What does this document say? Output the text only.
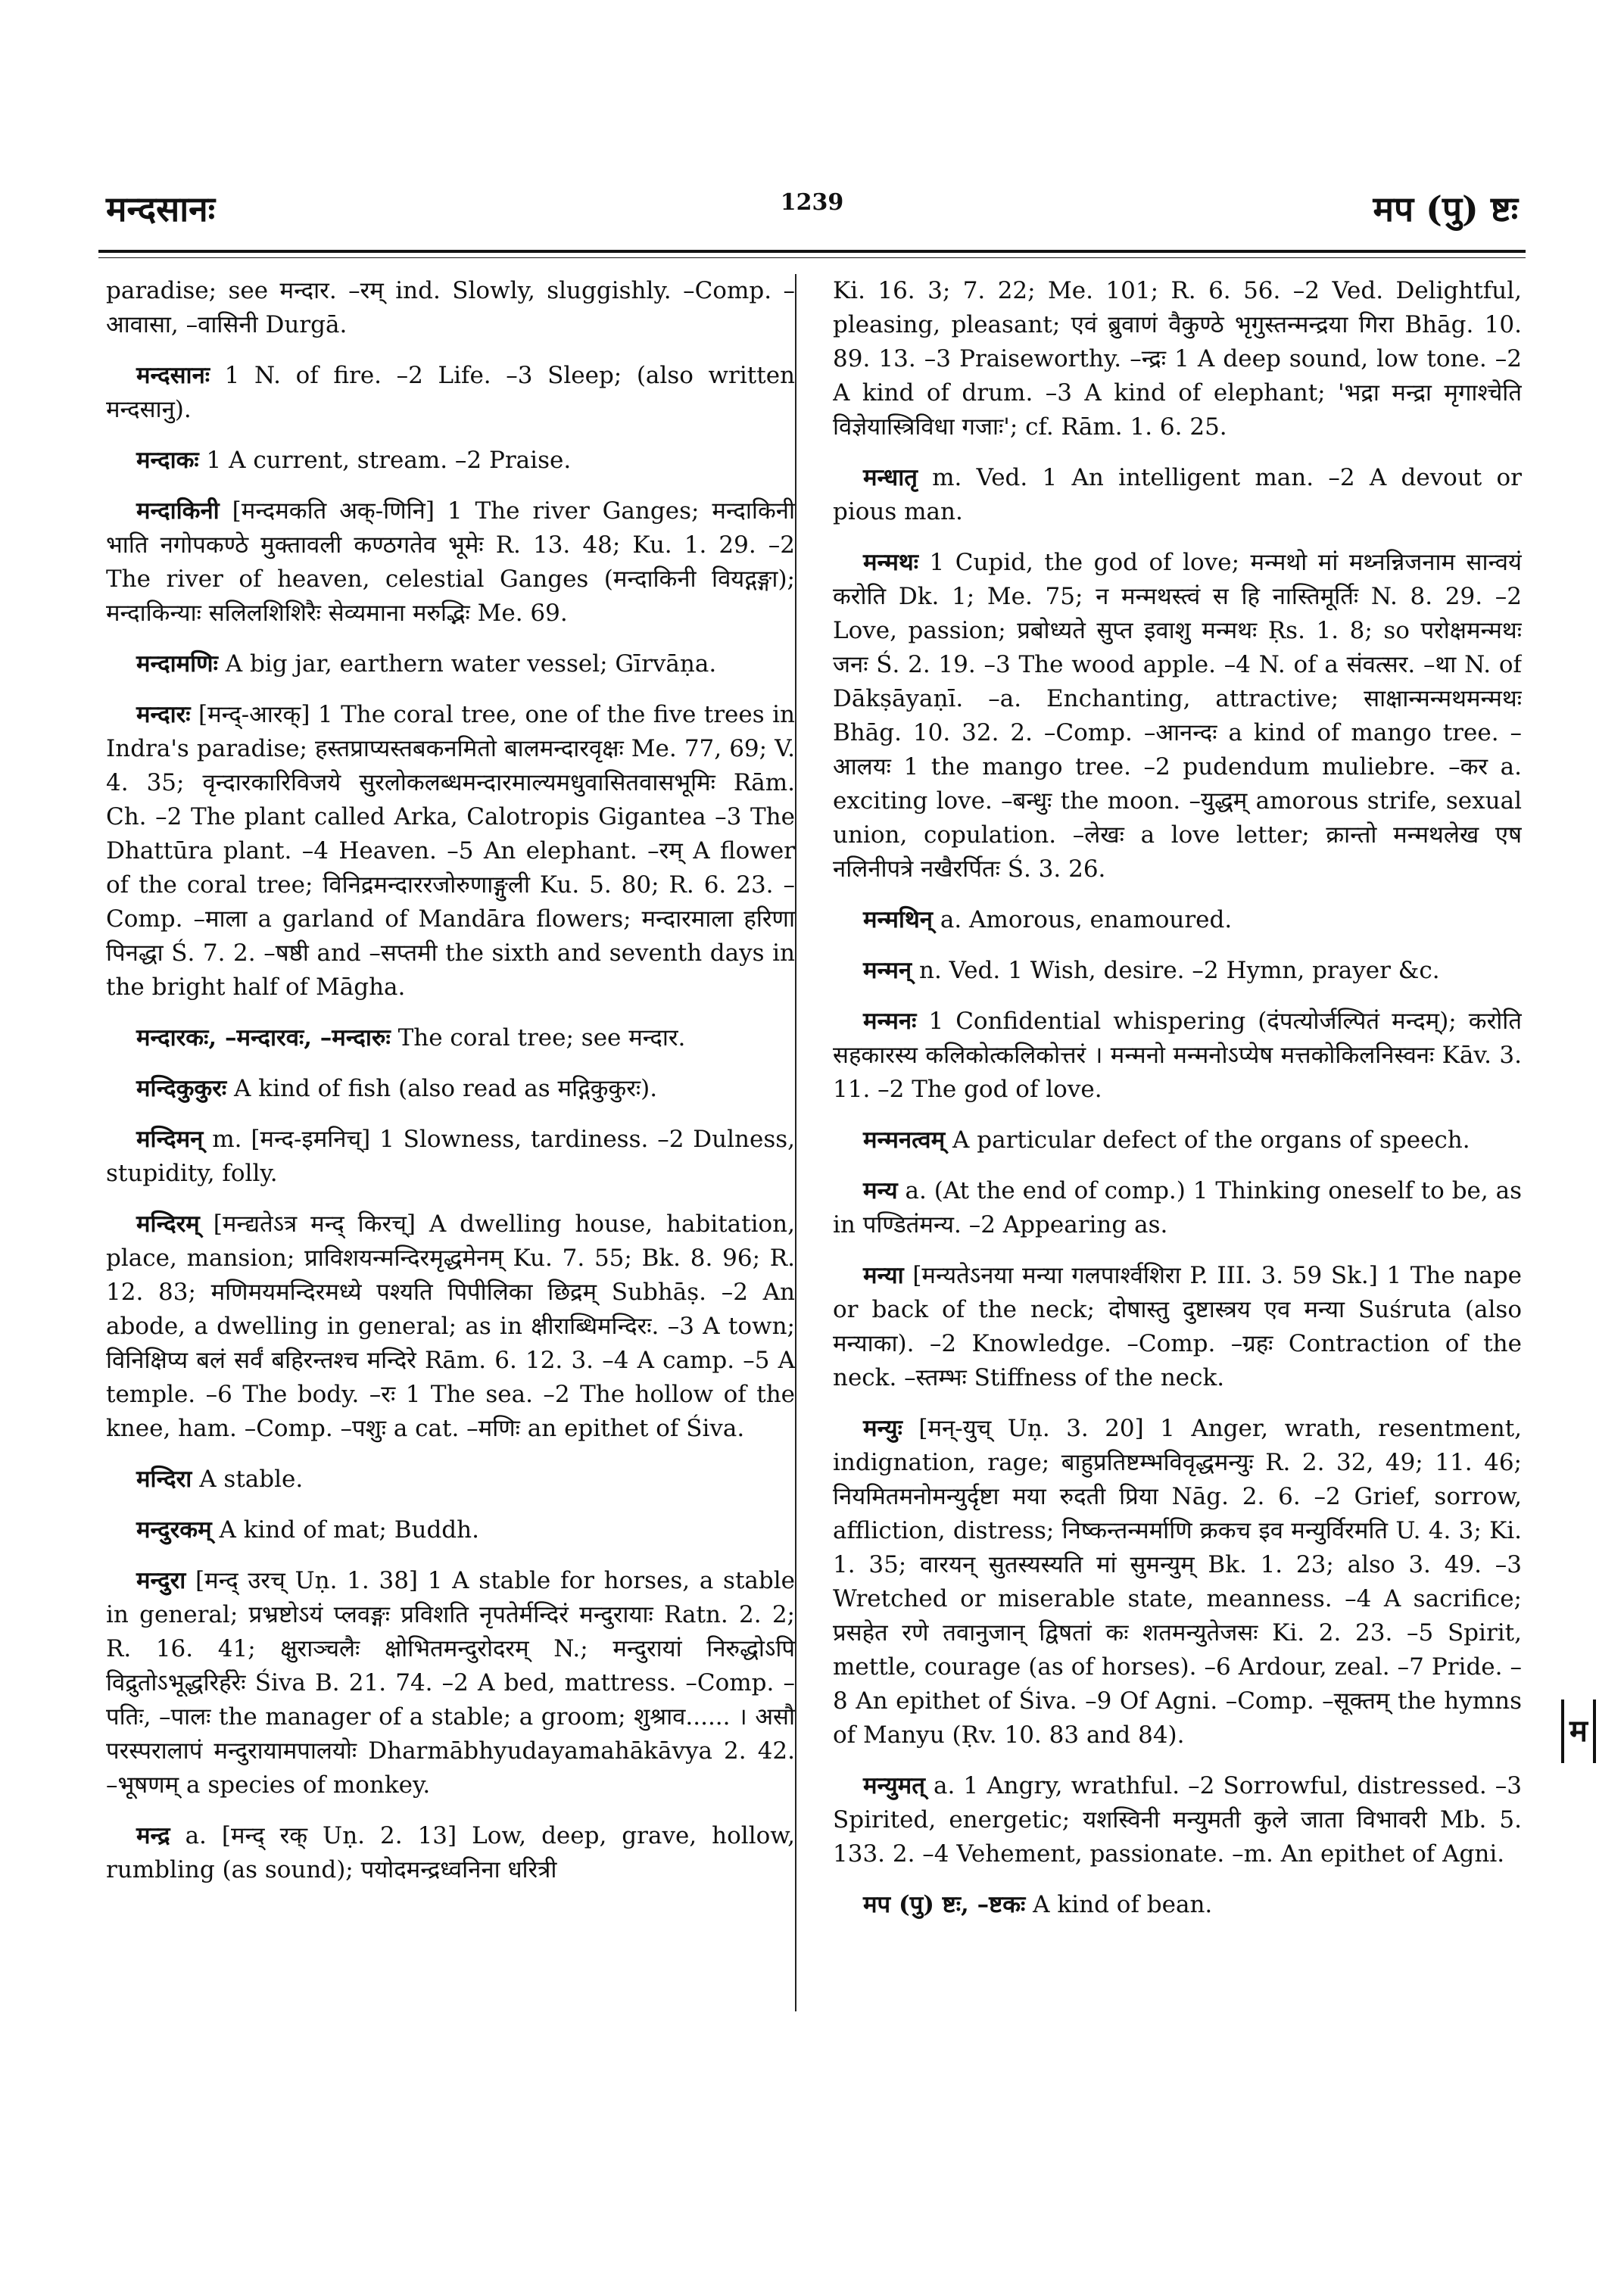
मन्दसानः	1239	मप (पु) ष्टः

paradise; see मन्दार. –रम् ind. Slowly, sluggishly. –Comp. –आवासा, –वासिनी Durgā.

मन्दसानः 1 N. of fire. –2 Life. –3 Sleep; (also written मन्दसानु).

मन्दाकः 1 A current, stream. –2 Praise.

मन्दाकिनी [मन्दमकति अक्-णिनि] 1 The river Ganges; मन्दाकिनी भाति नगोपकण्ठे मुक्तावली कण्ठगतेव भूमेः R. 13. 48; Ku. 1. 29. –2 The river of heaven, celestial Ganges (मन्दाकिनी वियद्गङ्गा); मन्दाकिन्याः सलिलशिशिरैः सेव्यमाना मरुद्भिः Me. 69.

मन्दामणिः A big jar, earthern water vessel; Gīrvāṇa.

मन्दारः [मन्द्-आरक्] 1 The coral tree, one of the five trees in Indra's paradise; हस्तप्राप्यस्तबकनमितो बालमन्दारवृक्षः Me. 77, 69; V. 4. 35; वृन्दारकारिविजये सुरलोकलब्धमन्दारमाल्यमधुवासितवासभूमिः Rām. Ch. –2 The plant called Arka, Calotropis Gigantea –3 The Dhattūra plant. –4 Heaven. –5 An elephant. –रम् A flower of the coral tree; विनिद्रमन्दाररजोरुणाङ्गुली Ku. 5. 80; R. 6. 23. –Comp. –माला a garland of Mandāra flowers; मन्दारमाला हरिणा पिनद्धा Ś. 7. 2. –षष्ठी and –सप्तमी the sixth and seventh days in the bright half of Māgha.

मन्दारकः, –मन्दारवः, –मन्दारुः The coral tree; see मन्दार.

मन्दिकुकुरः A kind of fish (also read as मद्गिकुकुरः).

मन्दिमन् m. [मन्द-इमनिच्] 1 Slowness, tardiness. –2 Dulness, stupidity, folly.

मन्दिरम् [मन्द्यतेऽत्र मन्द् किरच्] A dwelling house, habitation, place, mansion; प्राविशयन्मन्दिरमृद्धमेनम् Ku. 7. 55; Bk. 8. 96; R. 12. 83; मणिमयमन्दिरमध्ये पश्यति पिपीलिका छिद्रम् Subhāṣ. –2 An abode, a dwelling in general; as in क्षीराब्धिमन्दिरः. –3 A town; विनिक्षिप्य बलं सर्वं बहिरन्तश्च मन्दिरे Rām. 6. 12. 3. –4 A camp. –5 A temple. –6 The body. –रः 1 The sea. –2 The hollow of the knee, ham. –Comp. –पशुः a cat. –मणिः an epithet of Śiva.

मन्दिरा A stable.

मन्दुरकम् A kind of mat; Buddh.

मन्दुरा [मन्द् उरच् Uṇ. 1. 38] 1 A stable for horses, a stable in general; प्रभ्रष्टोऽयं प्लवङ्गः प्रविशति नृपतेर्मन्दिरं मन्दुरायाः Ratn. 2. 2; R. 16. 41; क्षुराञ्चलैः क्षोभितमन्दुरोदरम् N.; मन्दुरायां निरुद्धोऽपि विद्रुतोऽभूद्धरिर्हरेः Śiva B. 21. 74. –2 A bed, mattress. –Comp. –पतिः, –पालः the manager of a stable; a groom; शुश्राव...... । असौ परस्परालापं मन्दुरायामपालयोः Dharmābhyudayamahākāvya 2. 42. –भूषणम् a species of monkey.

मन्द्र a. [मन्द् रक् Uṇ. 2. 13] Low, deep, grave, hollow, rumbling (as sound); पयोदमन्द्रध्वनिना धरित्री

Ki. 16. 3; 7. 22; Me. 101; R. 6. 56. –2 Ved. Delightful, pleasing, pleasant; एवं ब्रुवाणं वैकुण्ठे भृगुस्तन्मन्द्रया गिरा Bhāg. 10. 89. 13. –3 Praiseworthy. –न्द्रः 1 A deep sound, low tone. –2 A kind of drum. –3 A kind of elephant; 'भद्रा मन्द्रा मृगाश्चेति विज्ञेयास्त्रिविधा गजाः'; cf. Rām. 1. 6. 25.

मन्धातृ m. Ved. 1 An intelligent man. –2 A devout or pious man.

मन्मथः 1 Cupid, the god of love; मन्मथो मां मथ्नन्निजनाम सान्वयं करोति Dk. 1; Me. 75; न मन्मथस्त्वं स हि नास्तिमूर्तिः N. 8. 29. –2 Love, passion; प्रबोध्यते सुप्त इवाशु मन्मथः Ṛs. 1. 8; so परोक्षमन्मथः जनः Ś. 2. 19. –3 The wood apple. –4 N. of a संवत्सर. –था N. of Dākṣāyaṇī. –a. Enchanting, attractive; साक्षान्मन्मथमन्मथः Bhāg. 10. 32. 2. –Comp. –आनन्दः a kind of mango tree. –आलयः 1 the mango tree. –2 pudendum muliebre. –कर a. exciting love. –बन्धुः the moon. –युद्धम् amorous strife, sexual union, copulation. –लेखः a love letter; क्रान्तो मन्मथलेख एष नलिनीपत्रे नखैरर्पितः Ś. 3. 26.

मन्मथिन् a. Amorous, enamoured.

मन्मन् n. Ved. 1 Wish, desire. –2 Hymn, prayer &c.

मन्मनः 1 Confidential whispering (दंपत्योर्जल्पितं मन्दम्); करोति सहकारस्य कलिकोत्कलिकोत्तरं । मन्मनो मन्मनोऽप्येष मत्तकोकिलनिस्वनः Kāv. 3. 11. –2 The god of love.

मन्मनत्वम् A particular defect of the organs of speech.

मन्य a. (At the end of comp.) 1 Thinking oneself to be, as in पण्डितंमन्य. –2 Appearing as.

मन्या [मन्यतेऽनया मन्या गलपार्श्वशिरा P. III. 3. 59 Sk.] 1 The nape or back of the neck; दोषास्तु दुष्टास्त्रय एव मन्या Suśruta (also मन्याका). –2 Knowledge. –Comp. –ग्रहः Contraction of the neck. –स्तम्भः Stiffness of the neck.

मन्युः [मन्-युच् Uṇ. 3. 20] 1 Anger, wrath, resentment, indignation, rage; बाहुप्रतिष्टम्भविवृद्धमन्युः R. 2. 32, 49; 11. 46; नियमितमनोमन्युर्दृष्टा मया रुदती प्रिया Nāg. 2. 6. –2 Grief, sorrow, affliction, distress; निष्कन्तन्मर्माणि क्रकच इव मन्युर्विरमति U. 4. 3; Ki. 1. 35; वारयन् सुतस्यस्यति मां सुमन्युम् Bk. 1. 23; also 3. 49. –3 Wretched or miserable state, meanness. –4 A sacrifice; प्रसहेत रणे तवानुजान् द्विषतां कः शतमन्युतेजसः Ki. 2. 23. –5 Spirit, mettle, courage (as of horses). –6 Ardour, zeal. –7 Pride. –8 An epithet of Śiva. –9 Of Agni. –Comp. –सूक्तम् the hymns of Manyu (Ṛv. 10. 83 and 84).

मन्युमत् a. 1 Angry, wrathful. –2 Sorrowful, distressed. –3 Spirited, energetic; यशस्विनी मन्युमती कुले जाता विभावरी Mb. 5. 133. 2. –4 Vehement, passionate. –m. An epithet of Agni.

मप (पु) ष्टः, –ष्टकः A kind of bean.

म
